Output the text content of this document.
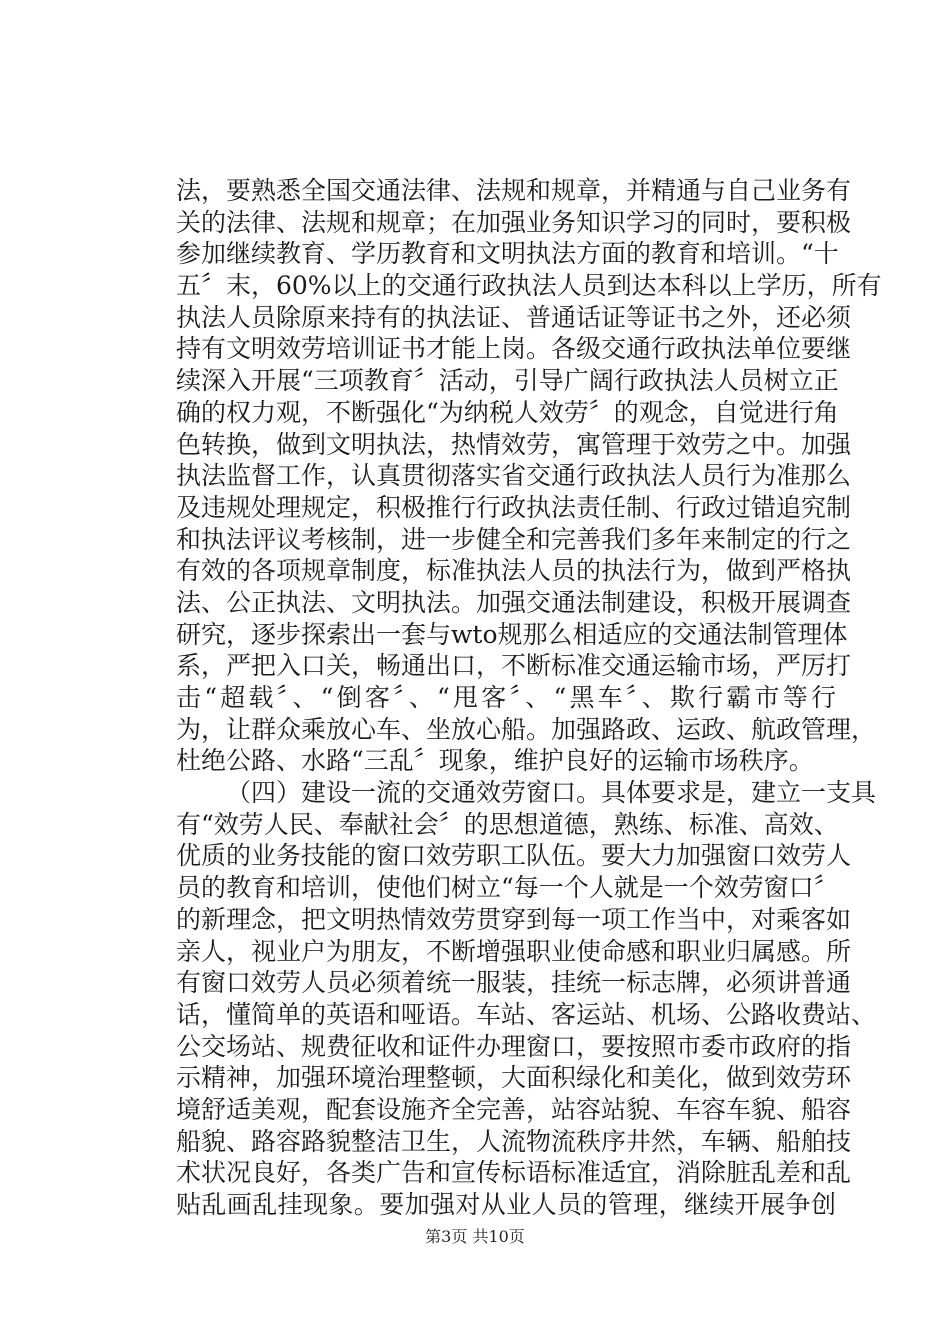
法，要熟悉全国交通法律、法规和规章，并精通与自己业务有
关的法律、法规和规章；在加强业务知识学习的同时，要积极
参加继续教育、学历教育和文明执法方面的教育和培训。“十
五〞末，60%以上的交通行政执法人员到达本科以上学历，所有
执法人员除原来持有的执法证、普通话证等证书之外，还必须
持有文明效劳培训证书才能上岗。各级交通行政执法单位要继
续深入开展“三项教育〞活动，引导广阔行政执法人员树立正
确的权力观，不断强化“为纳税人效劳〞的观念，自觉进行角
色转换，做到文明执法，热情效劳，寓管理于效劳之中。加强
执法监督工作，认真贯彻落实省交通行政执法人员行为准那么
及违规处理规定，积极推行行政执法责任制、行政过错追究制
和执法评议考核制，进一步健全和完善我们多年来制定的行之
有效的各项规章制度，标准执法人员的执法行为，做到严格执
法、公正执法、文明执法。加强交通法制建设，积极开展调查
研究，逐步探索出一套与wto规那么相适应的交通法制管理体
系，严把入口关，畅通出口，不断标准交通运输市场，严厉打
击“超载〞、“倒客〞、“甩客〞、“黑车〞、欺行霸市等行
为，让群众乘放心车、坐放心船。加强路政、运政、航政管理，
杜绝公路、水路“三乱〞现象，维护良好的运输市场秩序。
（四）建设一流的交通效劳窗口。具体要求是，建立一支具
有“效劳人民、奉献社会〞的思想道德，熟练、标准、高效、
优质的业务技能的窗口效劳职工队伍。要大力加强窗口效劳人
员的教育和培训，使他们树立“每一个人就是一个效劳窗口〞
的新理念，把文明热情效劳贯穿到每一项工作当中，对乘客如
亲人，视业户为朋友，不断增强职业使命感和职业归属感。所
有窗口效劳人员必须着统一服装，挂统一标志牌，必须讲普通
话，懂简单的英语和哑语。车站、客运站、机场、公路收费站、
公交场站、规费征收和证件办理窗口，要按照市委市政府的指
示精神，加强环境治理整顿，大面积绿化和美化，做到效劳环
境舒适美观，配套设施齐全完善，站容站貌、车容车貌、船容
船貌、路容路貌整洁卫生，人流物流秩序井然，车辆、船舶技
术状况良好，各类广告和宣传标语标准适宜，消除脏乱差和乱
贴乱画乱挂现象。要加强对从业人员的管理，继续开展争创
第3页 共10页
